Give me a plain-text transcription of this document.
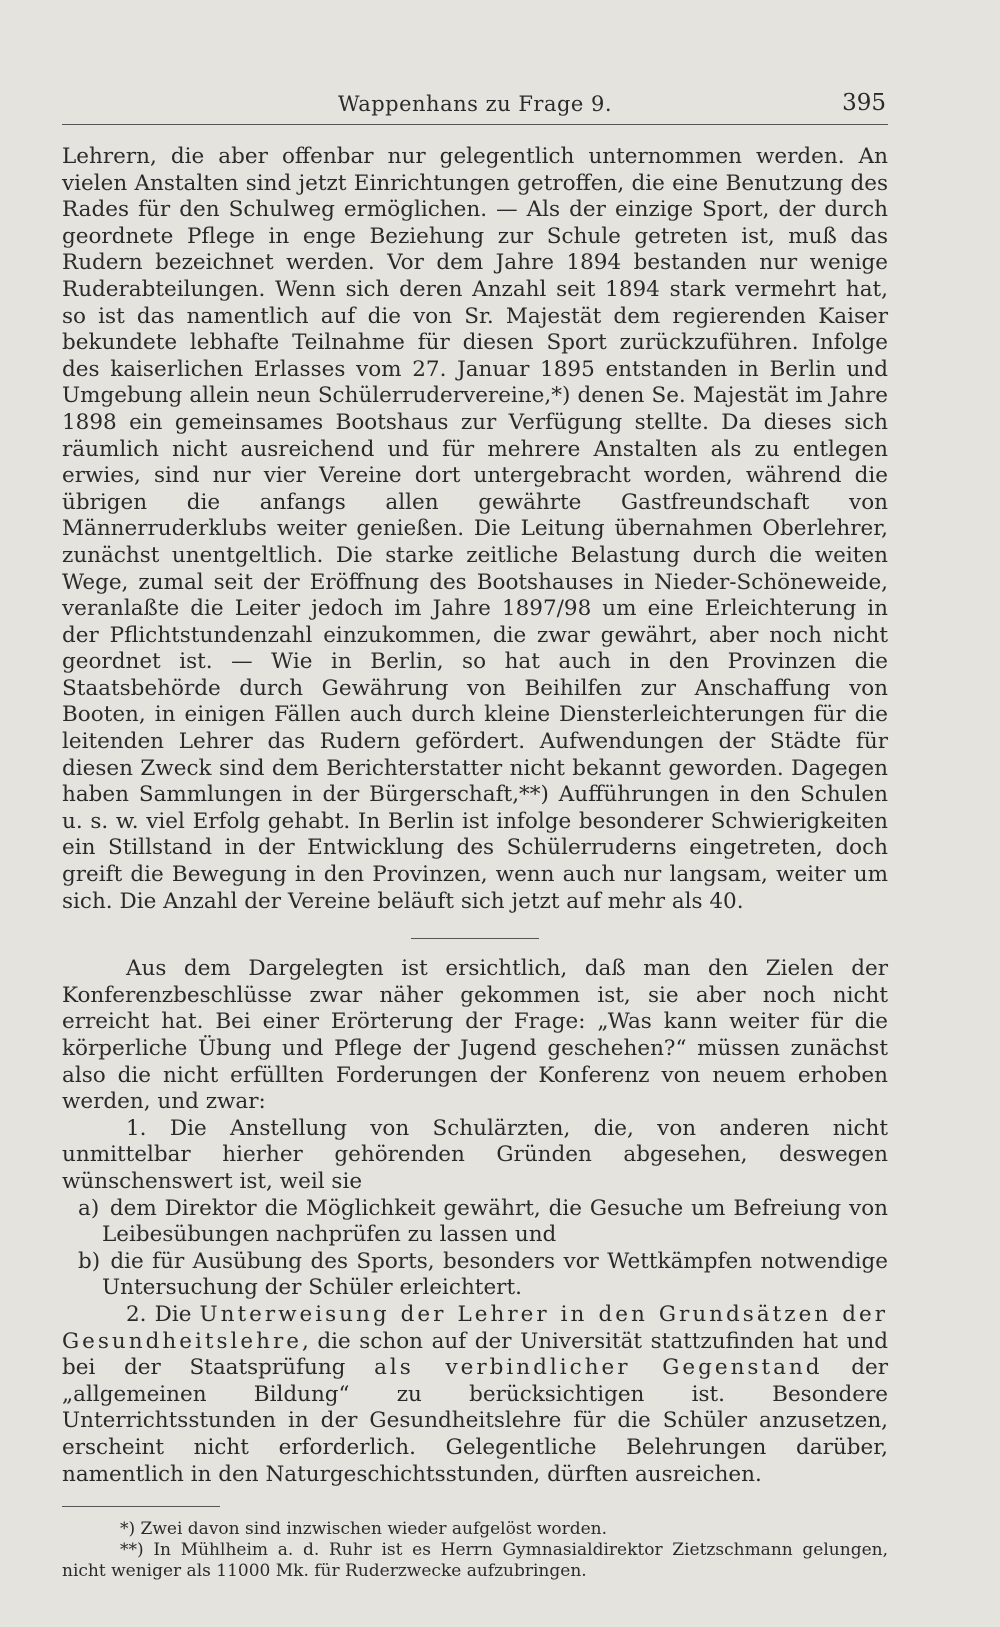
Wappenhans zu Frage 9.	395

Lehrern, die aber offenbar nur gelegentlich unternommen werden. An vielen Anstalten sind jetzt Einrichtungen getroffen, die eine Benutzung des Rades für den Schulweg ermöglichen. — Als der einzige Sport, der durch geordnete Pflege in enge Beziehung zur Schule getreten ist, muß das Rudern bezeichnet werden. Vor dem Jahre 1894 bestanden nur wenige Ruderabteilungen. Wenn sich deren Anzahl seit 1894 stark vermehrt hat, so ist das namentlich auf die von Sr. Majestät dem regierenden Kaiser bekundete lebhafte Teilnahme für diesen Sport zurückzuführen. Infolge des kaiserlichen Erlasses vom 27. Januar 1895 entstanden in Berlin und Umgebung allein neun Schülerrudervereine,*) denen Se. Majestät im Jahre 1898 ein gemeinsames Bootshaus zur Verfügung stellte. Da dieses sich räumlich nicht ausreichend und für mehrere Anstalten als zu entlegen erwies, sind nur vier Vereine dort untergebracht worden, während die übrigen die anfangs allen gewährte Gastfreundschaft von Männerruderklubs weiter genießen. Die Leitung übernahmen Oberlehrer, zunächst unentgeltlich. Die starke zeitliche Belastung durch die weiten Wege, zumal seit der Eröffnung des Bootshauses in Nieder-Schöneweide, veranlaßte die Leiter jedoch im Jahre 1897/98 um eine Erleichterung in der Pflichtstundenzahl einzukommen, die zwar gewährt, aber noch nicht geordnet ist. — Wie in Berlin, so hat auch in den Provinzen die Staatsbehörde durch Gewährung von Beihilfen zur Anschaffung von Booten, in einigen Fällen auch durch kleine Diensterleichterungen für die leitenden Lehrer das Rudern gefördert. Aufwendungen der Städte für diesen Zweck sind dem Berichterstatter nicht bekannt geworden. Dagegen haben Sammlungen in der Bürgerschaft,**) Aufführungen in den Schulen u. s. w. viel Erfolg gehabt. In Berlin ist infolge besonderer Schwierigkeiten ein Stillstand in der Entwicklung des Schülerruderns eingetreten, doch greift die Bewegung in den Provinzen, wenn auch nur langsam, weiter um sich. Die Anzahl der Vereine beläuft sich jetzt auf mehr als 40.

Aus dem Dargelegten ist ersichtlich, daß man den Zielen der Konferenzbeschlüsse zwar näher gekommen ist, sie aber noch nicht erreicht hat. Bei einer Erörterung der Frage: „Was kann weiter für die körperliche Übung und Pflege der Jugend geschehen?“ müssen zunächst also die nicht erfüllten Forderungen der Konferenz von neuem erhoben werden, und zwar:

1. Die Anstellung von Schulärzten, die, von anderen nicht unmittelbar hierher gehörenden Gründen abgesehen, deswegen wünschenswert ist, weil sie

a) dem Direktor die Möglichkeit gewährt, die Gesuche um Befreiung von Leibesübungen nachprüfen zu lassen und

b) die für Ausübung des Sports, besonders vor Wettkämpfen notwendige Untersuchung der Schüler erleichtert.

2. Die Unterweisung der Lehrer in den Grundsätzen der Gesundheitslehre, die schon auf der Universität stattzufinden hat und bei der Staatsprüfung als verbindlicher Gegenstand der „allgemeinen Bildung“ zu berücksichtigen ist. Besondere Unterrichtsstunden in der Gesundheitslehre für die Schüler anzusetzen, erscheint nicht erforderlich. Gelegentliche Belehrungen darüber, namentlich in den Naturgeschichtsstunden, dürften ausreichen.

*) Zwei davon sind inzwischen wieder aufgelöst worden.

**) In Mühlheim a. d. Ruhr ist es Herrn Gymnasialdirektor Zietzschmann gelungen, nicht weniger als 11000 Mk. für Ruderzwecke aufzubringen.
